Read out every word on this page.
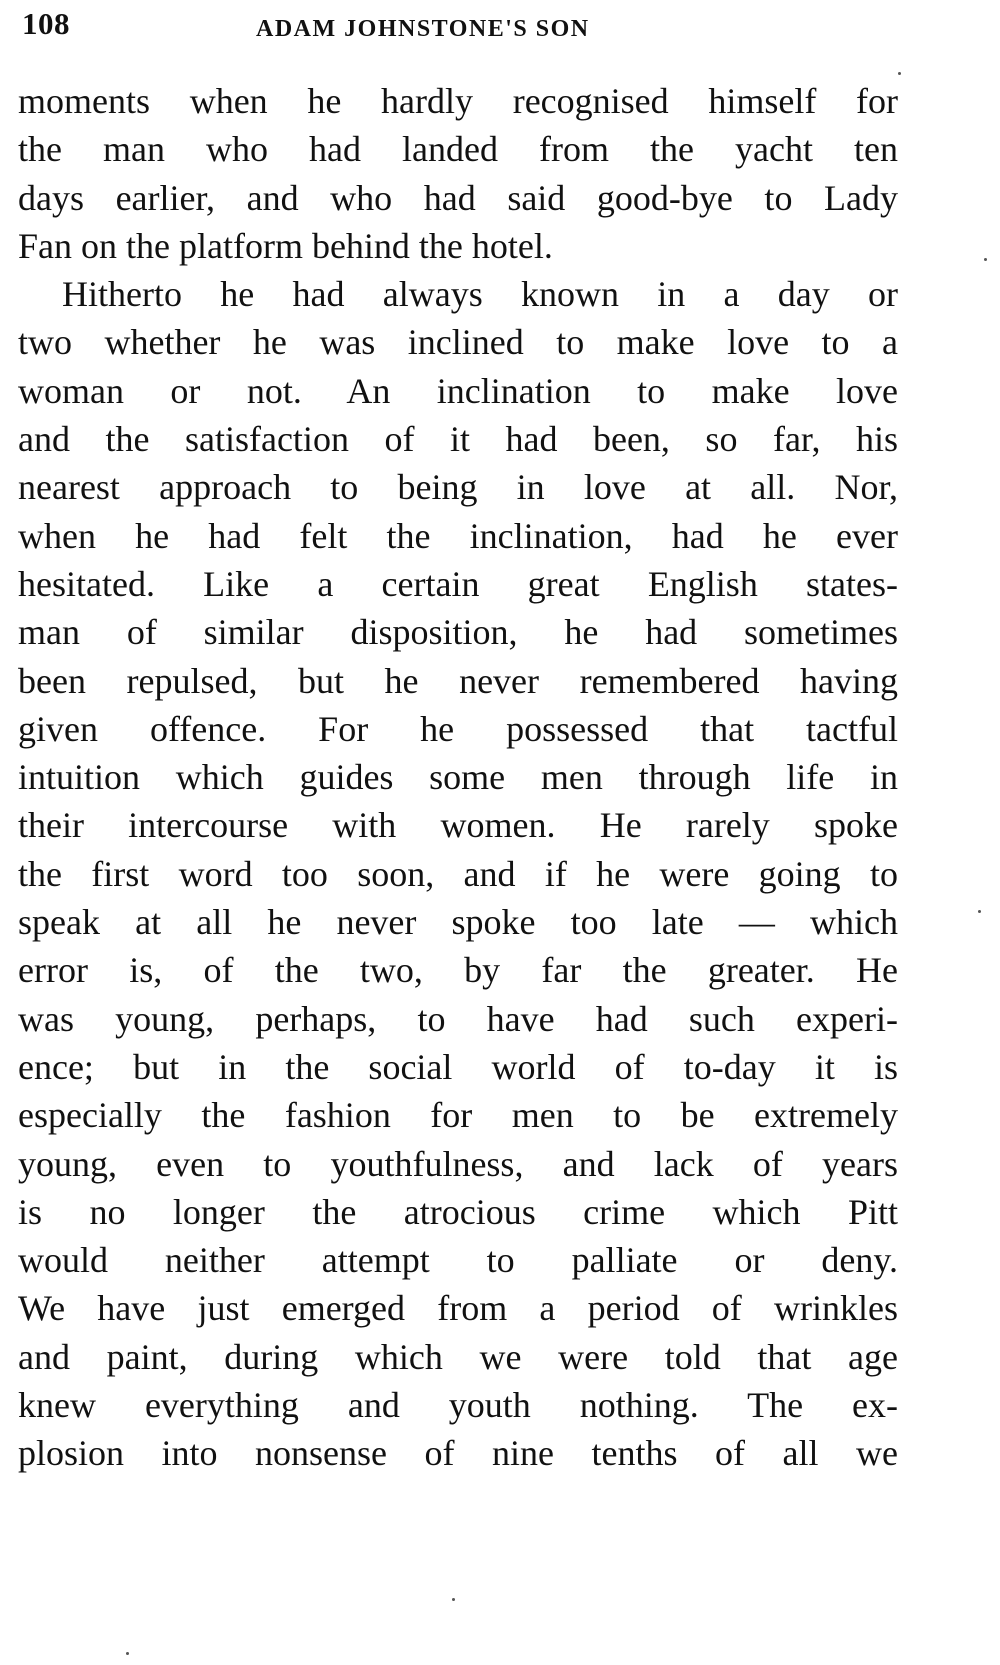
108	ADAM JOHNSTONE'S SON
moments when he hardly recognised himself for
the man who had landed from the yacht ten
days earlier, and who had said good-bye to Lady
Fan on the platform behind the hotel.
Hitherto he had always known in a day or
two whether he was inclined to make love to a
woman or not. An inclination to make love
and the satisfaction of it had been, so far, his
nearest approach to being in love at all. Nor,
when he had felt the inclination, had he ever
hesitated. Like a certain great English states-
man of similar disposition, he had sometimes
been repulsed, but he never remembered having
given offence. For he possessed that tactful
intuition which guides some men through life in
their intercourse with women. He rarely spoke
the first word too soon, and if he were going to
speak at all he never spoke too late — which
error is, of the two, by far the greater. He
was young, perhaps, to have had such experi-
ence; but in the social world of to-day it is
especially the fashion for men to be extremely
young, even to youthfulness, and lack of years
is no longer the atrocious crime which Pitt
would neither attempt to palliate or deny.
We have just emerged from a period of wrinkles
and paint, during which we were told that age
knew everything and youth nothing. The ex-
plosion into nonsense of nine tenths of all we
